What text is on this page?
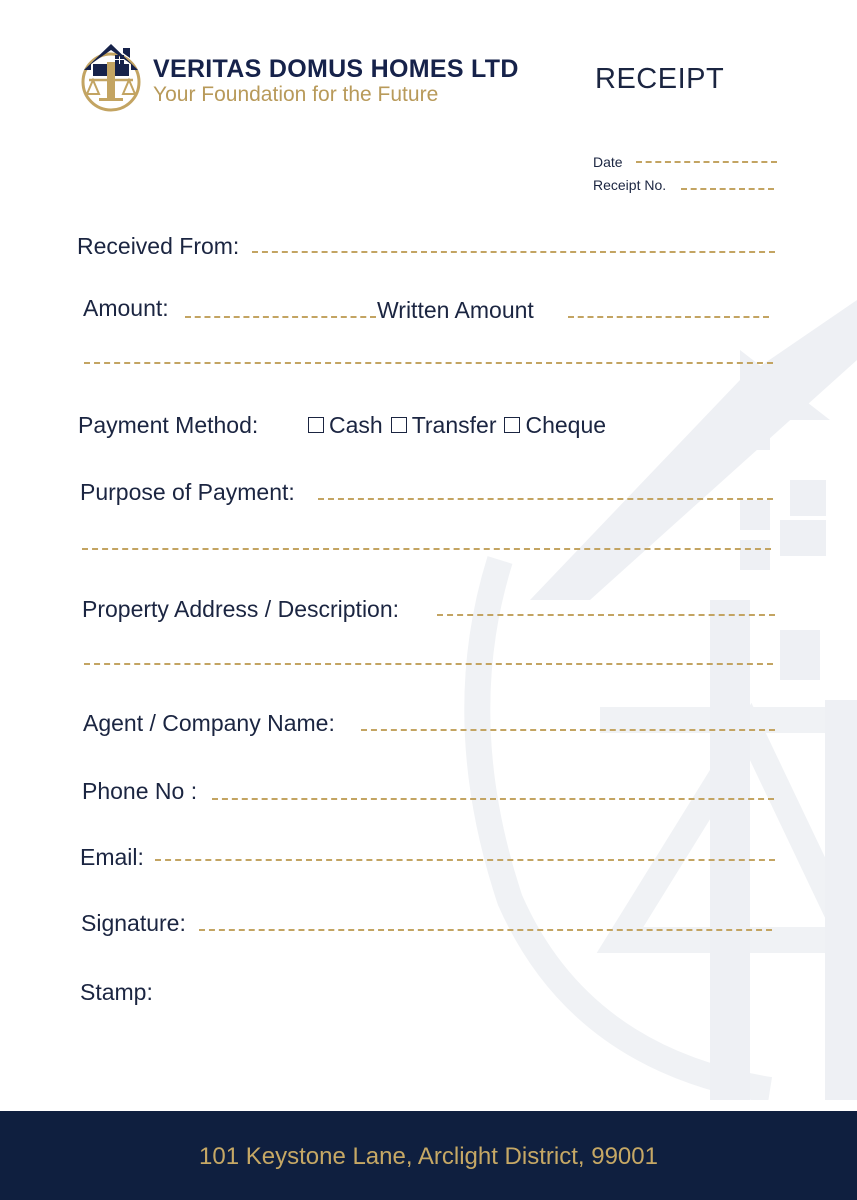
VERITAS DOMUS HOMES LTD
Your Foundation for the Future	RECEIPT
Date
Receipt No.
Received From:
Amount:	Written Amount
Payment Method:	Cash Transfer Cheque
Purpose of Payment:
Property Address / Description:
Agent / Company Name:
Phone No :
Email:
Signature:
Stamp:
101 Keystone Lane, Arclight District, 99001
